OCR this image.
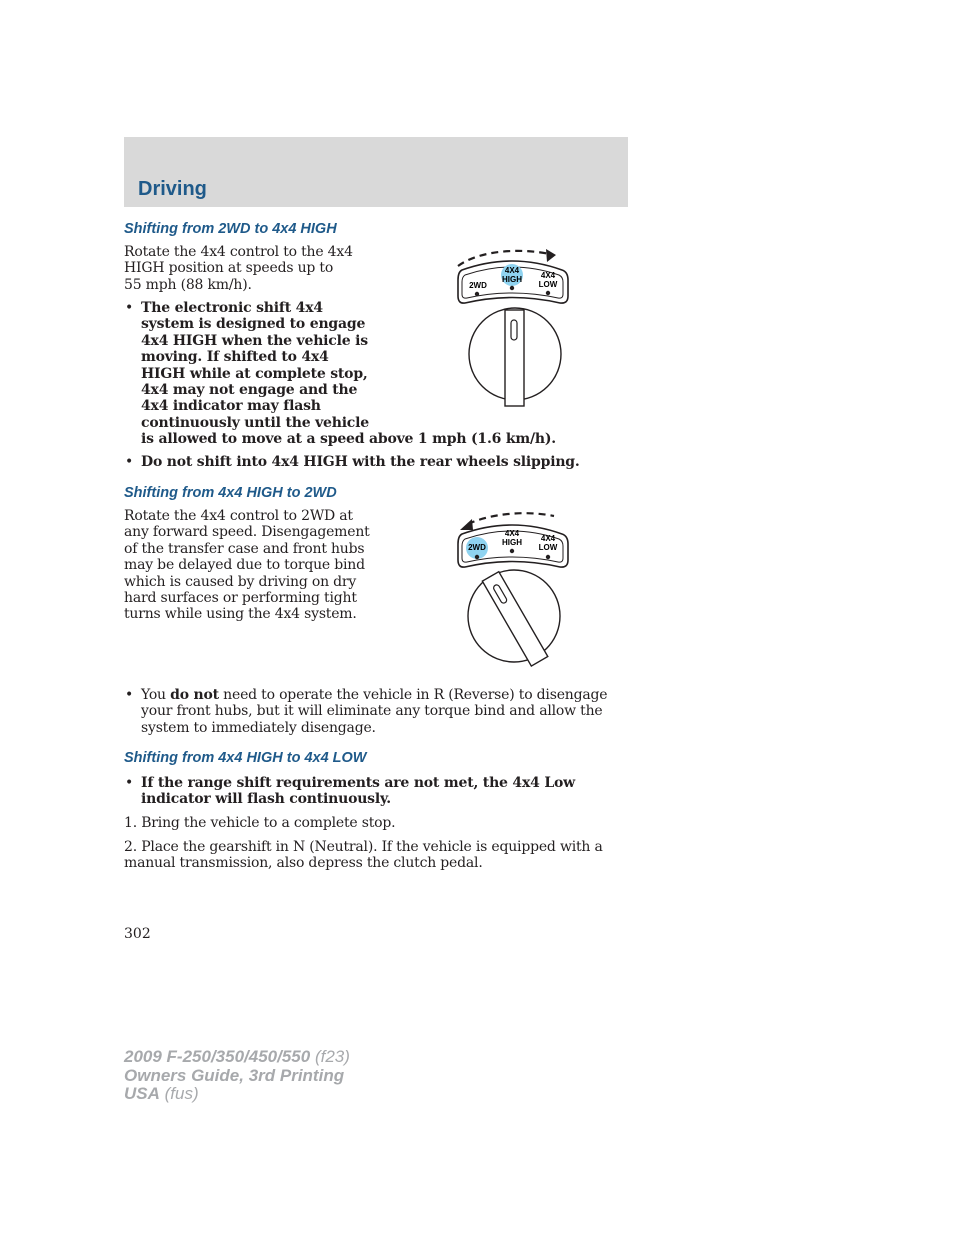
Driving
Shifting from 2WD to 4x4 HIGH

Rotate the 4x4 control to the 4x4
HIGH position at speeds up to
55 mph (88 km/h).

• The electronic shift 4x4
system is designed to engage
4x4 HIGH when the vehicle is
moving. If shifted to 4x4
HIGH while at complete stop,
4x4 may not engage and the
4x4 indicator may flash
continuously until the vehicle
is allowed to move at a speed above 1 mph (1.6 km/h).

• Do not shift into 4x4 HIGH with the rear wheels slipping.

2WD
4X4
HIGH 4X4
LOW
Shifting from 4x4 HIGH to 2WD

Rotate the 4x4 control to 2WD at
any forward speed. Disengagement
of the transfer case and front hubs
may be delayed due to torque bind
which is caused by driving on dry
hard surfaces or performing tight
turns while using the 4x4 system.

2WD
4X4
HIGH 4X4
LOW

• You do not need to operate the vehicle in R (Reverse) to disengage
your front hubs, but it will eliminate any torque bind and allow the
system to immediately disengage.

Shifting from 4x4 HIGH to 4x4 LOW

• If the range shift requirements are not met, the 4x4 Low
indicator will flash continuously.

1. Bring the vehicle to a complete stop.

2. Place the gearshift in N (Neutral). If the vehicle is equipped with a
manual transmission, also depress the clutch pedal.

302
2009 F-250/350/450/550 (f23)
Owners Guide, 3rd Printing
USA (fus)
